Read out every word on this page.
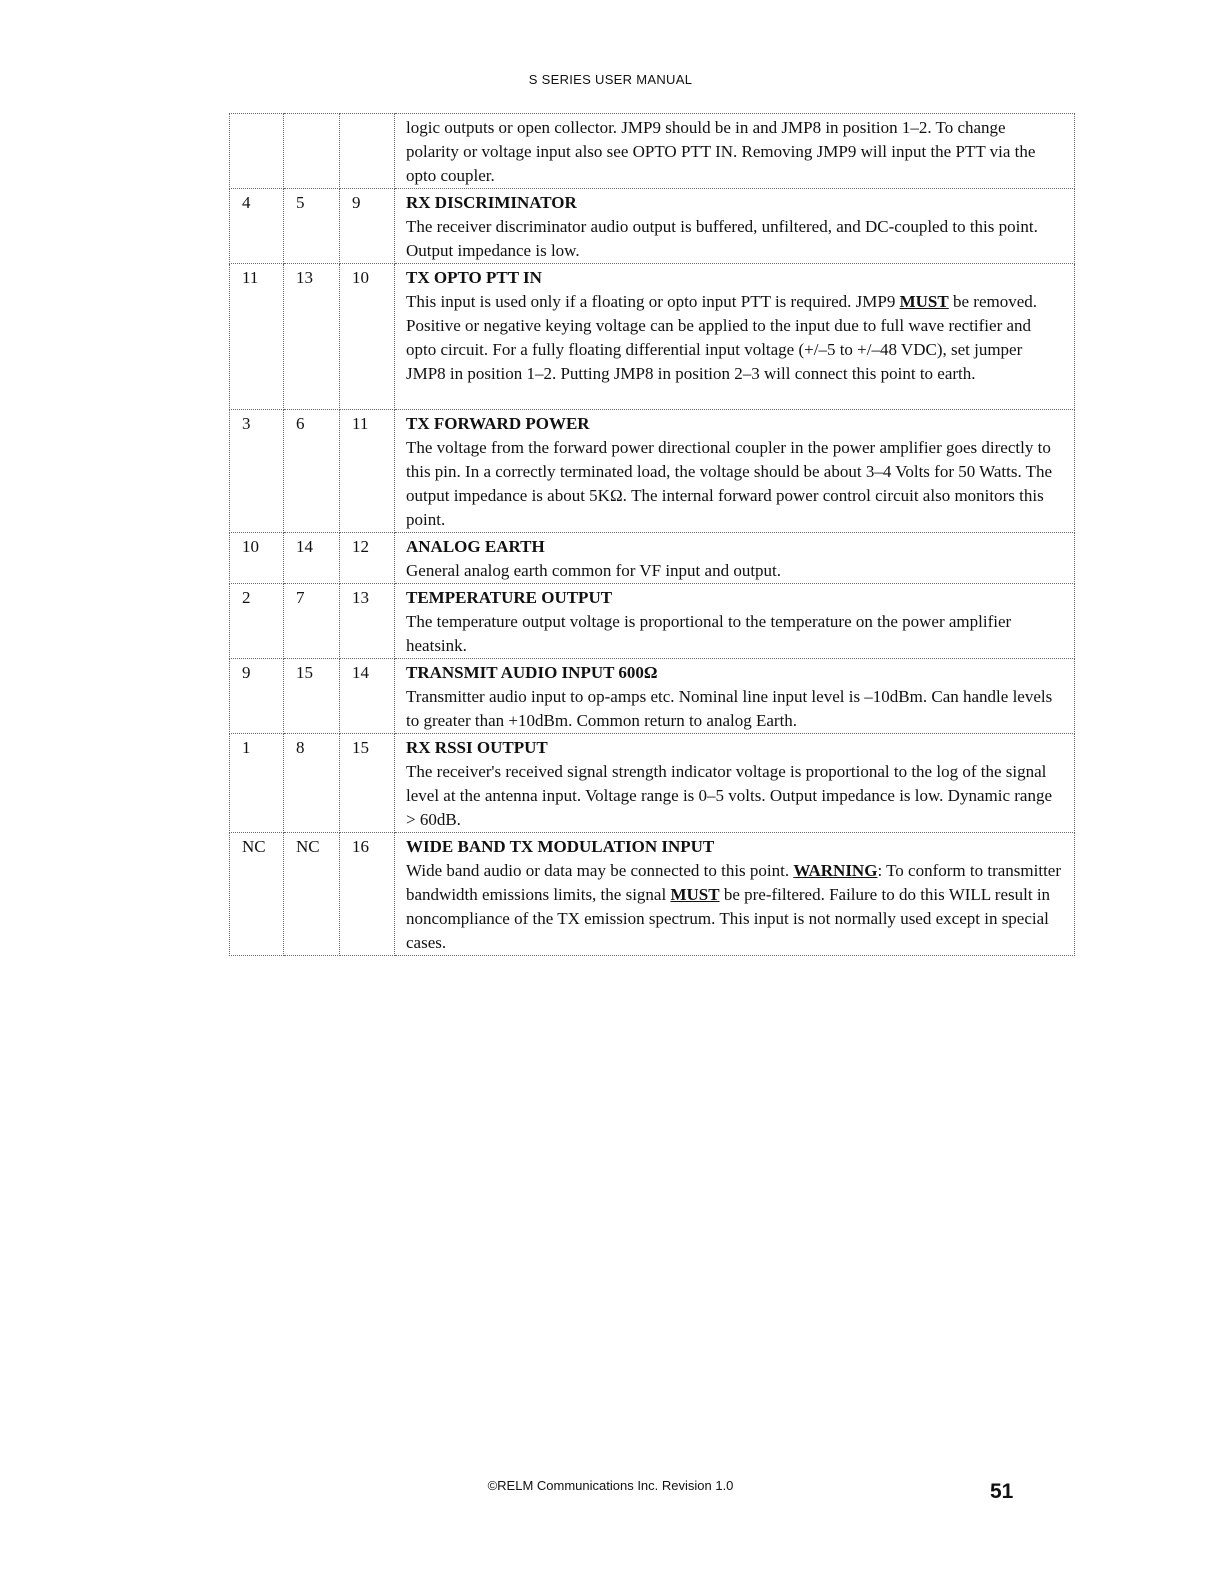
S SERIES USER MANUAL

			logic outputs or open collector. JMP9 should be in and JMP8 in position 1–2. To change polarity or voltage input also see OPTO PTT IN. Removing JMP9 will input the PTT via the opto coupler.

4	5	9	RX DISCRIMINATOR
The receiver discriminator audio output is buffered, unfiltered, and DC-coupled to this point. Output impedance is low.

11	13	10	TX OPTO PTT IN
This input is used only if a floating or opto input PTT is required. JMP9 MUST be removed. Positive or negative keying voltage can be applied to the input due to full wave rectifier and opto circuit. For a fully floating differential input voltage (+/–5 to +/–48 VDC), set jumper JMP8 in position 1–2. Putting JMP8 in position 2–3 will connect this point to earth.

3	6	11	TX FORWARD POWER
The voltage from the forward power directional coupler in the power amplifier goes directly to this pin. In a correctly terminated load, the voltage should be about 3–4 Volts for 50 Watts. The output impedance is about 5KΩ. The internal forward power control circuit also monitors this point.

10	14	12	ANALOG EARTH
General analog earth common for VF input and output.

2	7	13	TEMPERATURE OUTPUT
The temperature output voltage is proportional to the temperature on the power amplifier heatsink.

9	15	14	TRANSMIT AUDIO INPUT 600Ω
Transmitter audio input to op-amps etc. Nominal line input level is –10dBm. Can handle levels to greater than +10dBm. Common return to analog Earth.

1	8	15	RX RSSI OUTPUT
The receiver's received signal strength indicator voltage is proportional to the log of the signal level at the antenna input. Voltage range is 0–5 volts. Output impedance is low. Dynamic range > 60dB.

NC	NC	16	WIDE BAND TX MODULATION INPUT
Wide band audio or data may be connected to this point. WARNING: To conform to transmitter bandwidth emissions limits, the signal MUST be pre-filtered. Failure to do this WILL result in noncompliance of the TX emission spectrum. This input is not normally used except in special cases.
©RELM Communications Inc. Revision 1.0	51
